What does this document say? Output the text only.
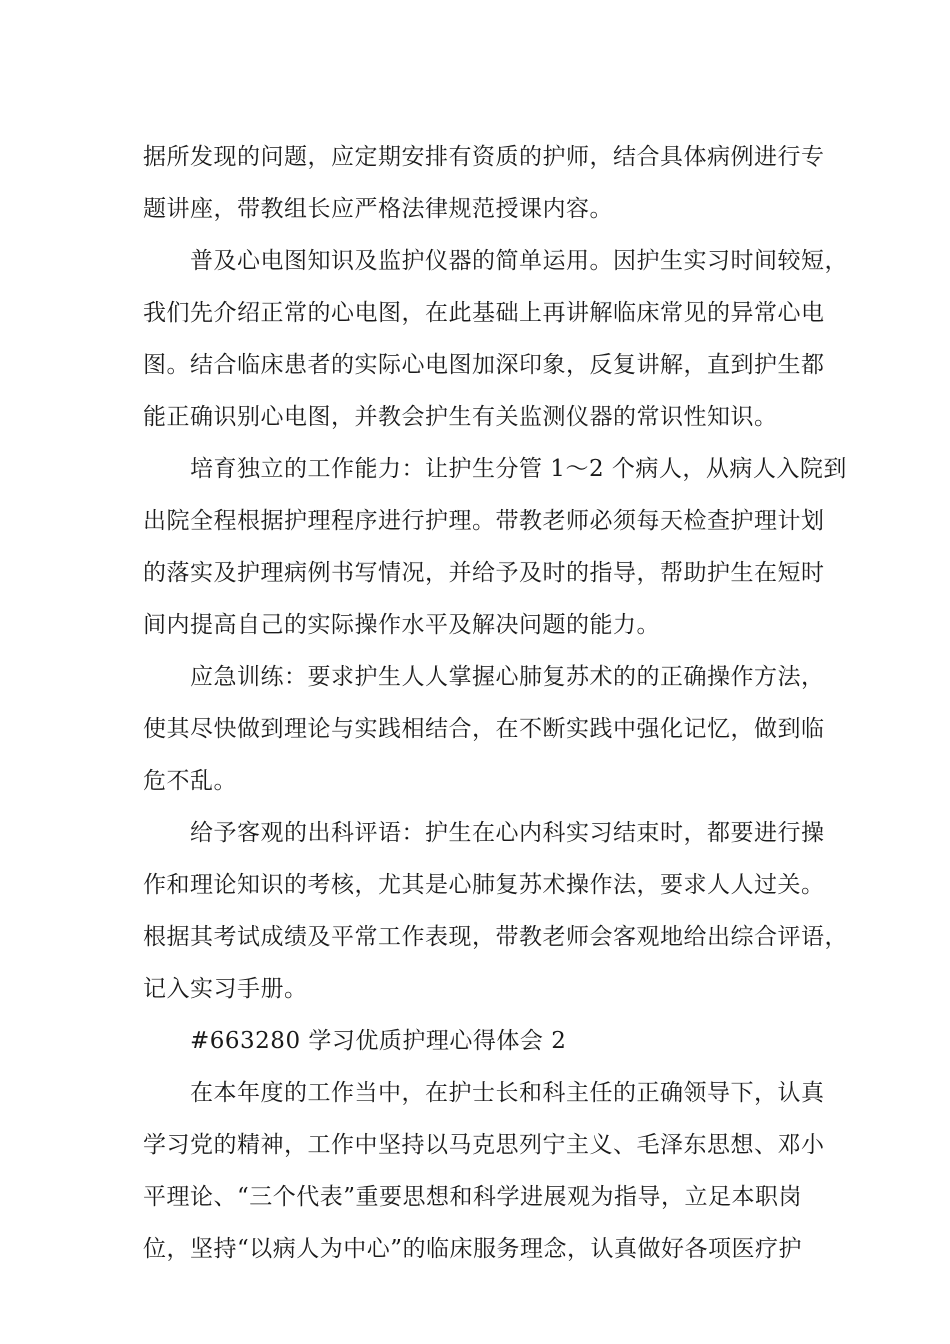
据所发现的问题，应定期安排有资质的护师，结合具体病例进行专
题讲座，带教组长应严格法律规范授课内容。
普及心电图知识及监护仪器的简单运用。因护生实习时间较短，
我们先介绍正常的心电图，在此基础上再讲解临床常见的异常心电
图。结合临床患者的实际心电图加深印象，反复讲解，直到护生都
能正确识别心电图，并教会护生有关监测仪器的常识性知识。
培育独立的工作能力：让护生分管 1～2 个病人，从病人入院到
出院全程根据护理程序进行护理。带教老师必须每天检查护理计划
的落实及护理病例书写情况，并给予及时的指导，帮助护生在短时
间内提高自己的实际操作水平及解决问题的能力。
应急训练：要求护生人人掌握心肺复苏术的的正确操作方法，
使其尽快做到理论与实践相结合，在不断实践中强化记忆，做到临
危不乱。
给予客观的出科评语：护生在心内科实习结束时，都要进行操
作和理论知识的考核，尤其是心肺复苏术操作法，要求人人过关。
根据其考试成绩及平常工作表现，带教老师会客观地给出综合评语，
记入实习手册。
#663280 学习优质护理心得体会 2
在本年度的工作当中，在护士长和科主任的正确领导下，认真
学习党的精神，工作中坚持以马克思列宁主义、毛泽东思想、邓小
平理论、“三个代表”重要思想和科学进展观为指导，立足本职岗
位，坚持“以病人为中心”的临床服务理念，认真做好各项医疗护
